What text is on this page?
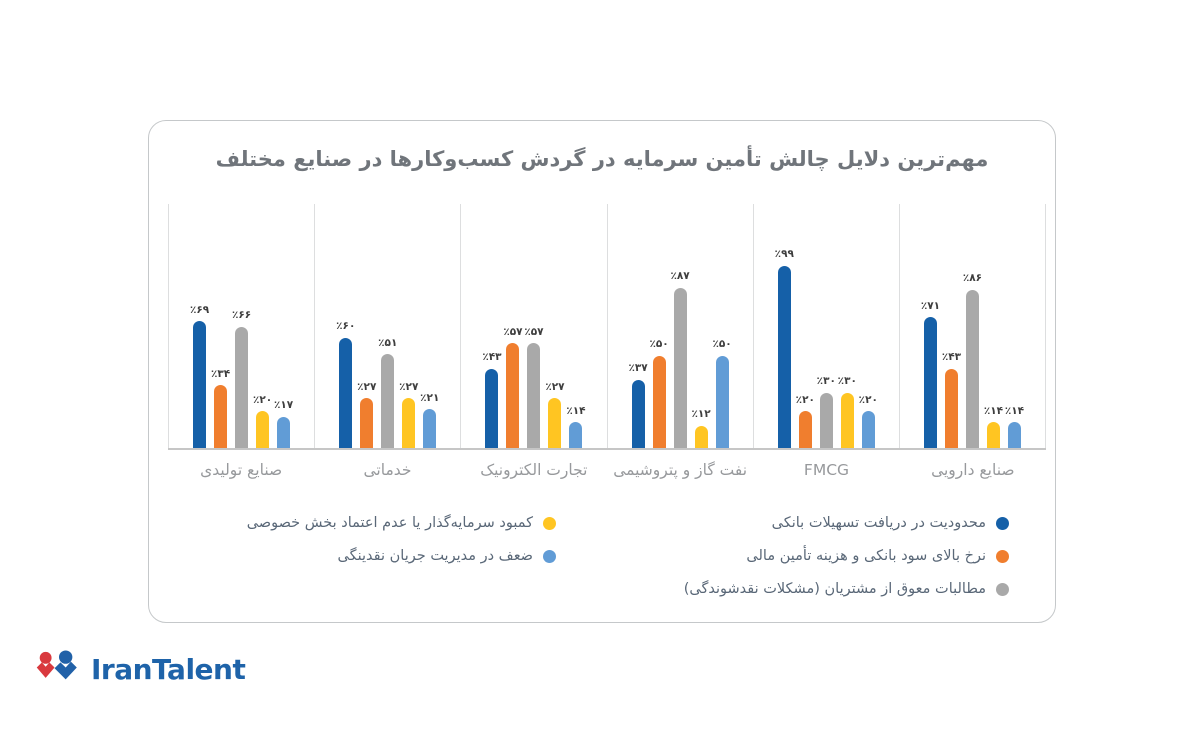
مهم‌ترین دلایل چالش تأمین سرمایه در گردش کسب‌وکارها در صنایع مختلف
٪۶۹
٪۳۴
٪۶۶
٪۲۰ ٪۱۷
٪۶۰
٪۲۷
٪۵۱
٪۲۷
٪۲۱
٪۴۳
٪۵۷ ٪۵۷
٪۲۷
٪۱۴
٪۳۷
٪۵۰
٪۸۷
٪۱۲
٪۵۰
٪۹۹
٪۲۰
٪۳۰ ٪۳۰
٪۲۰
٪۷۱
٪۴۳
٪۸۶
٪۱۴ ٪۱۴
صنایع تولیدی	خدماتی	تجارت الکترونیک	نفت گاز و پتروشیمی	FMCG	صنایع دارویی
محدودیت در دریافت تسهیلات بانکی
نرخ بالای سود بانکی و هزینه تأمین مالی
مطالبات معوق از مشتریان (مشکلات نقدشوندگی)
کمبود سرمایه‌گذار یا عدم اعتماد بخش خصوصی
ضعف در مدیریت جریان نقدینگی
IranTalent
